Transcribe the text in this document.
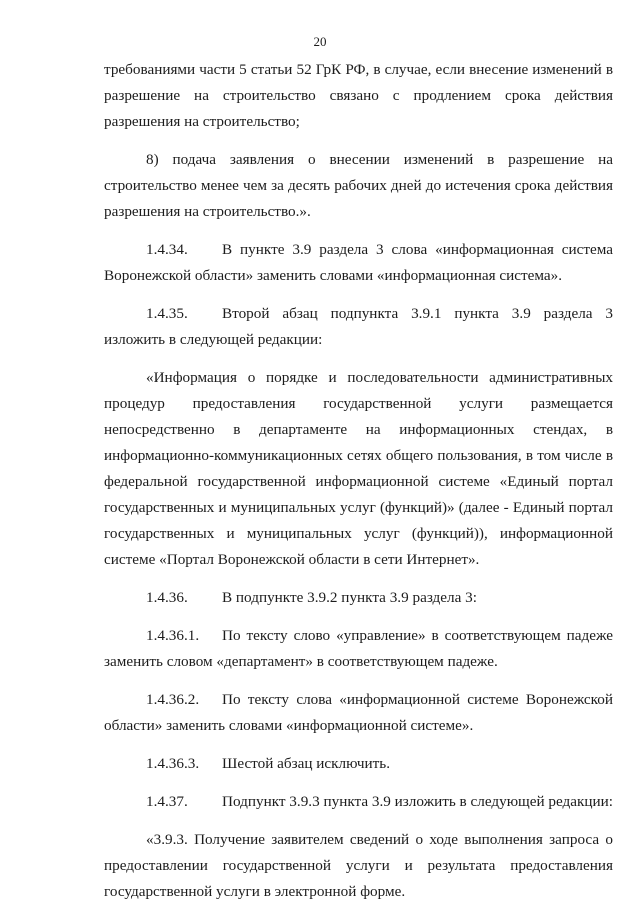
20

требованиями части 5 статьи 52 ГрК РФ, в случае, если внесение изменений в разрешение на строительство связано с продлением срока действия разрешения на строительство;

8) подача заявления о внесении изменений в разрешение на строительство менее чем за десять рабочих дней до истечения срока действия разрешения на строительство.».

1.4.34. В пункте 3.9 раздела 3 слова «информационная система Воронежской области» заменить словами «информационная система».

1.4.35. Второй абзац подпункта 3.9.1 пункта 3.9 раздела 3 изложить в следующей редакции:

«Информация о порядке и последовательности административных процедур предоставления государственной услуги размещается непосредственно в департаменте на информационных стендах, в информационно-коммуникационных сетях общего пользования, в том числе в федеральной государственной информационной системе «Единый портал государственных и муниципальных услуг (функций)» (далее - Единый портал государственных и муниципальных услуг (функций)), информационной системе «Портал Воронежской области в сети Интернет».

1.4.36. В подпункте 3.9.2 пункта 3.9 раздела 3:

1.4.36.1. По тексту слово «управление» в соответствующем падеже заменить словом «департамент» в соответствующем падеже.

1.4.36.2. По тексту слова «информационной системе Воронежской области» заменить словами «информационной системе».

1.4.36.3. Шестой абзац исключить.

1.4.37. Подпункт 3.9.3 пункта 3.9 изложить в следующей редакции:

«3.9.3. Получение заявителем сведений о ходе выполнения запроса о предоставлении государственной услуги и результата предоставления государственной услуги в электронной форме.
